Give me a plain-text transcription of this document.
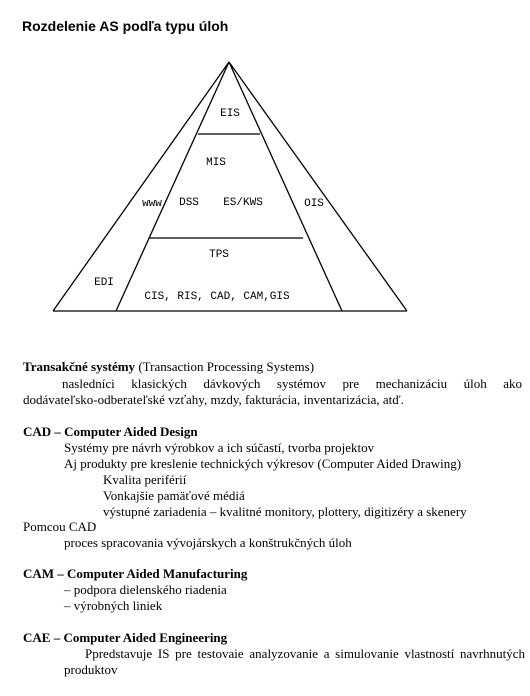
Rozdelenie AS podľa typu úloh
EIS
MIS
DSS ES/KWS
www	OIS
TPS
EDI
CIS, RIS, CAD, CAM,GIS
Transakčné systémy (Transaction Processing Systems)
nasledníci klasických dávkových systémov pre mechanizáciu úloh ako
dodávateľsko-odberateľské vzťahy, mzdy, fakturácia, inventarizácia, atď.
CAD – Computer Aided Design
Systémy pre návrh výrobkov a ich súčastí, tvorba projektov
Aj produkty pre kreslenie technických výkresov (Computer Aided Drawing)
Kvalita periférií
Vonkajšie pamäťové médiá
výstupné zariadenia – kvalitné monitory, plottery, digitizéry a skenery
Pomcou CAD
proces spracovania vývojárskych a konštrukčných úloh
CAM – Computer Aided Manufacturing
– podpora dielenského riadenia
– výrobných liniek
CAE – Computer Aided Engineering
Ppredstavuje IS pre testovaie analyzovanie a simulovanie vlastností navrhnutých
produktov
